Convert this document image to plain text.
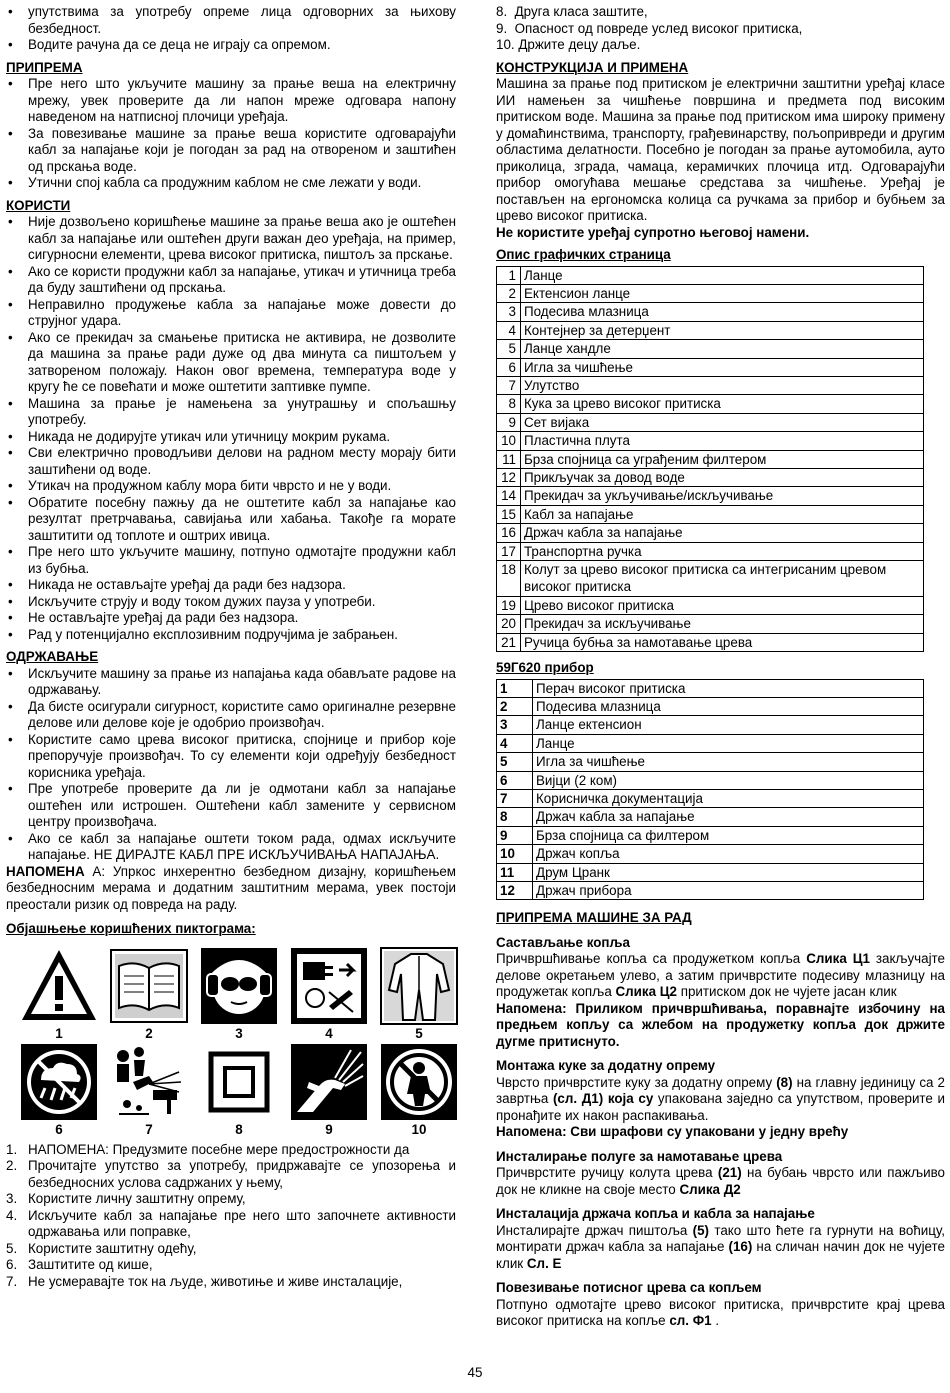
• упутствима за употребу опреме лица одговорних за њихову безбедност.
• Водите рачуна да се деца не играју са опремом.

ПРИПРЕМА

• Пре него што укључите машину за прање веша на електричну мрежу, увек проверите да ли напон мреже одговара напону наведеном на натписној плочици уређаја.
• За повезивање машине за прање веша користите одговарајући кабл за напајање који је погодан за рад на отвореном и заштићен од прскања воде.
• Утични спој кабла са продужним каблом не сме лежати у води.

КОРИСТИ

• Није дозвољено коришћење машине за прање веша ако је оштећен кабл за напајање или оштећен други важан део уређаја, на пример, сигурносни елементи, црева високог притиска, пиштољ за прскање.
• Ако се користи продужни кабл за напајање, утикач и утичница треба да буду заштићени од прскања.
• Неправилно продужење кабла за напајање може довести до струјног удара.
• Ако се прекидач за смањење притиска не активира, не дозволите да машина за прање ради дуже од два минута са пиштољем у затвореном положају. Након овог времена, температура воде у кругу ће се повећати и може оштетити заптивке пумпе.
• Машина за прање је намењена за унутрашњу и спољашњу употребу.
• Никада не додирујте утикач или утичницу мокрим рукама.
• Сви електрично проводљиви делови на радном месту морају бити заштићени од воде.
• Утикач на продужном каблу мора бити чврсто и не у води.
• Обратите посебну пажњу да не оштетите кабл за напајање као резултат претрчавања, савијања или хабања. Такође га морате заштитити од топлоте и оштрих ивица.
• Пре него што укључите машину, потпуно одмотајте продужни кабл из бубња.
• Никада не остављајте уређај да ради без надзора.
• Искључите струју и воду током дужих пауза у употреби.
• Не остављајте уређај да ради без надзора.
• Рад у потенцијално експлозивним подручјима је забрањен.

ОДРЖАВАЊЕ

• Искључите машину за прање из напајања када обављате радове на одржавању.
• Да бисте осигурали сигурност, користите само оригиналне резервне делове или делове које је одобрио произвођач.
• Користите само црева високог притиска, спојнице и прибор које препоручује произвођач. То су елементи који одређују безбедност корисника уређаја.
• Пре употребе проверите да ли је одмотани кабл за напајање оштећен или истрошен. Оштећени кабл замените у сервисном центру произвођача.
• Ако се кабл за напајање оштети током рада, одмах искључите напајање. НЕ ДИРАЈТЕ КАБЛ ПРЕ ИСКЉУЧИВАЊА НАПАЈАЊА.

НАПОМЕНА А: Упркос инхерентно безбедном дизајну, коришћењем безбедносним мерама и додатним заштитним мерама, увек постоји преостали ризик од повреда на раду.

Објашњење коришћених пиктограма:

1	2	3	4	5
6	7	8	9	10
1. НАПОМЕНА: Предузмите посебне мере предострожности да
2. Прочитајте упутство за употребу, придржавајте се упозорења и безбедносних услова садржаних у њему,
3. Користите личну заштитну опрему,
4. Искључите кабл за напајање пре него што започнете активности одржавања или поправке,
5. Користите заштитну одећу,
6. Заштитите од кише,
7. Не усмеравајте ток на људе, животиње и живе инсталације,
8.  Друга класа заштите,
9.  Опасност од повреде услед високог притиска,
10. Држите децу даље.

КОНСТРУКЦИЈА И ПРИМЕНА

Машина за прање под притиском је електрични заштитни уређај класе ИИ намењен за чишћење површина и предмета под високим притиском воде. Машина за прање под притиском има широку примену у домаћинствима, транспорту, грађевинарству, пољопривреди и другим областима делатности. Посебно је погодан за прање аутомобила, ауто приколица, зграда, чамаца, керамичких плочица итд. Одговарајући прибор омогућава мешање средстава за чишћење. Уређај је постављен на ергономска колица са ручкама за прибор и бубњем за црево високог притиска.

Не користите уређај супротно његовој намени.

Опис графичких страница

1	Ланце
2	Ектенсион ланце
3	Подесива млазница
4	Контејнер за детерџент
5	Ланце хандле
6	Игла за чишћење
7	Улутство
8	Кука за црево високог притиска
9	Сет вијака
10	Пластична плута
11	Брза спојница са уграђеним филтером
12	Прикључак за довод воде
14	Прекидач за укључивање/искључивање
15	Кабл за напајање
16	Држач кабла за напајање
17	Транспортна ручка
18	Колут за црево високог притиска са интегрисаним цревом високог притиска
19	Црево високог притиска
20	Прекидач за искључивање
21	Ручица бубња за намотавање црева

59Г620 прибор

1	Перач високог притиска
2	Подесива млазница
3	Ланце ектенсион
4	Ланце
5	Игла за чишћење
6	Вијци (2 ком)
7	Корисничка документација
8	Држач кабла за напајање
9	Брза спојница са филтером
10	Држач копља
11	Друм Цранк
12	Држач прибора

ПРИПРЕМА МАШИНЕ ЗА РАД

Састављање копља

Причвршћивање копља са продужетком копља Слика Ц1 закључајте делове окретањем улево, а затим причврстите подесиву млазницу на продужетак копља Слика Ц2 притиском док не чујете јасан клик

Напомена: Приликом причвршћивања, поравнајте избочину на предњем копљу са жлебом на продужетку копља док држите дугме притиснуто.

Монтажа куке за додатну опрему

Чврсто причврстите куку за додатну опрему (8) на главну јединицу са 2 завртња (сл. Д1) која су упакована заједно са упутством, проверите и пронађите их након распакивања.

Напомена: Сви шрафови су упаковани у једну врећу

Инсталирање полуге за намотавање црева

Причврстите ручицу колута црева (21) на бубањ чврсто или пажљиво док не кликне на своје место Слика Д2

Инсталација држача копља и кабла за напајање

Инсталирајте држач пиштоља (5) тако што ћете га гурнути на воћицу, монтирати држач кабла за напајање (16) на сличан начин док не чујете клик Сл. Е

Повезивање потисног црева са копљем

Потпуно одмотајте црево високог притиска, причврстите крај црева високог притиска на копље сл. Ф1 .

45
